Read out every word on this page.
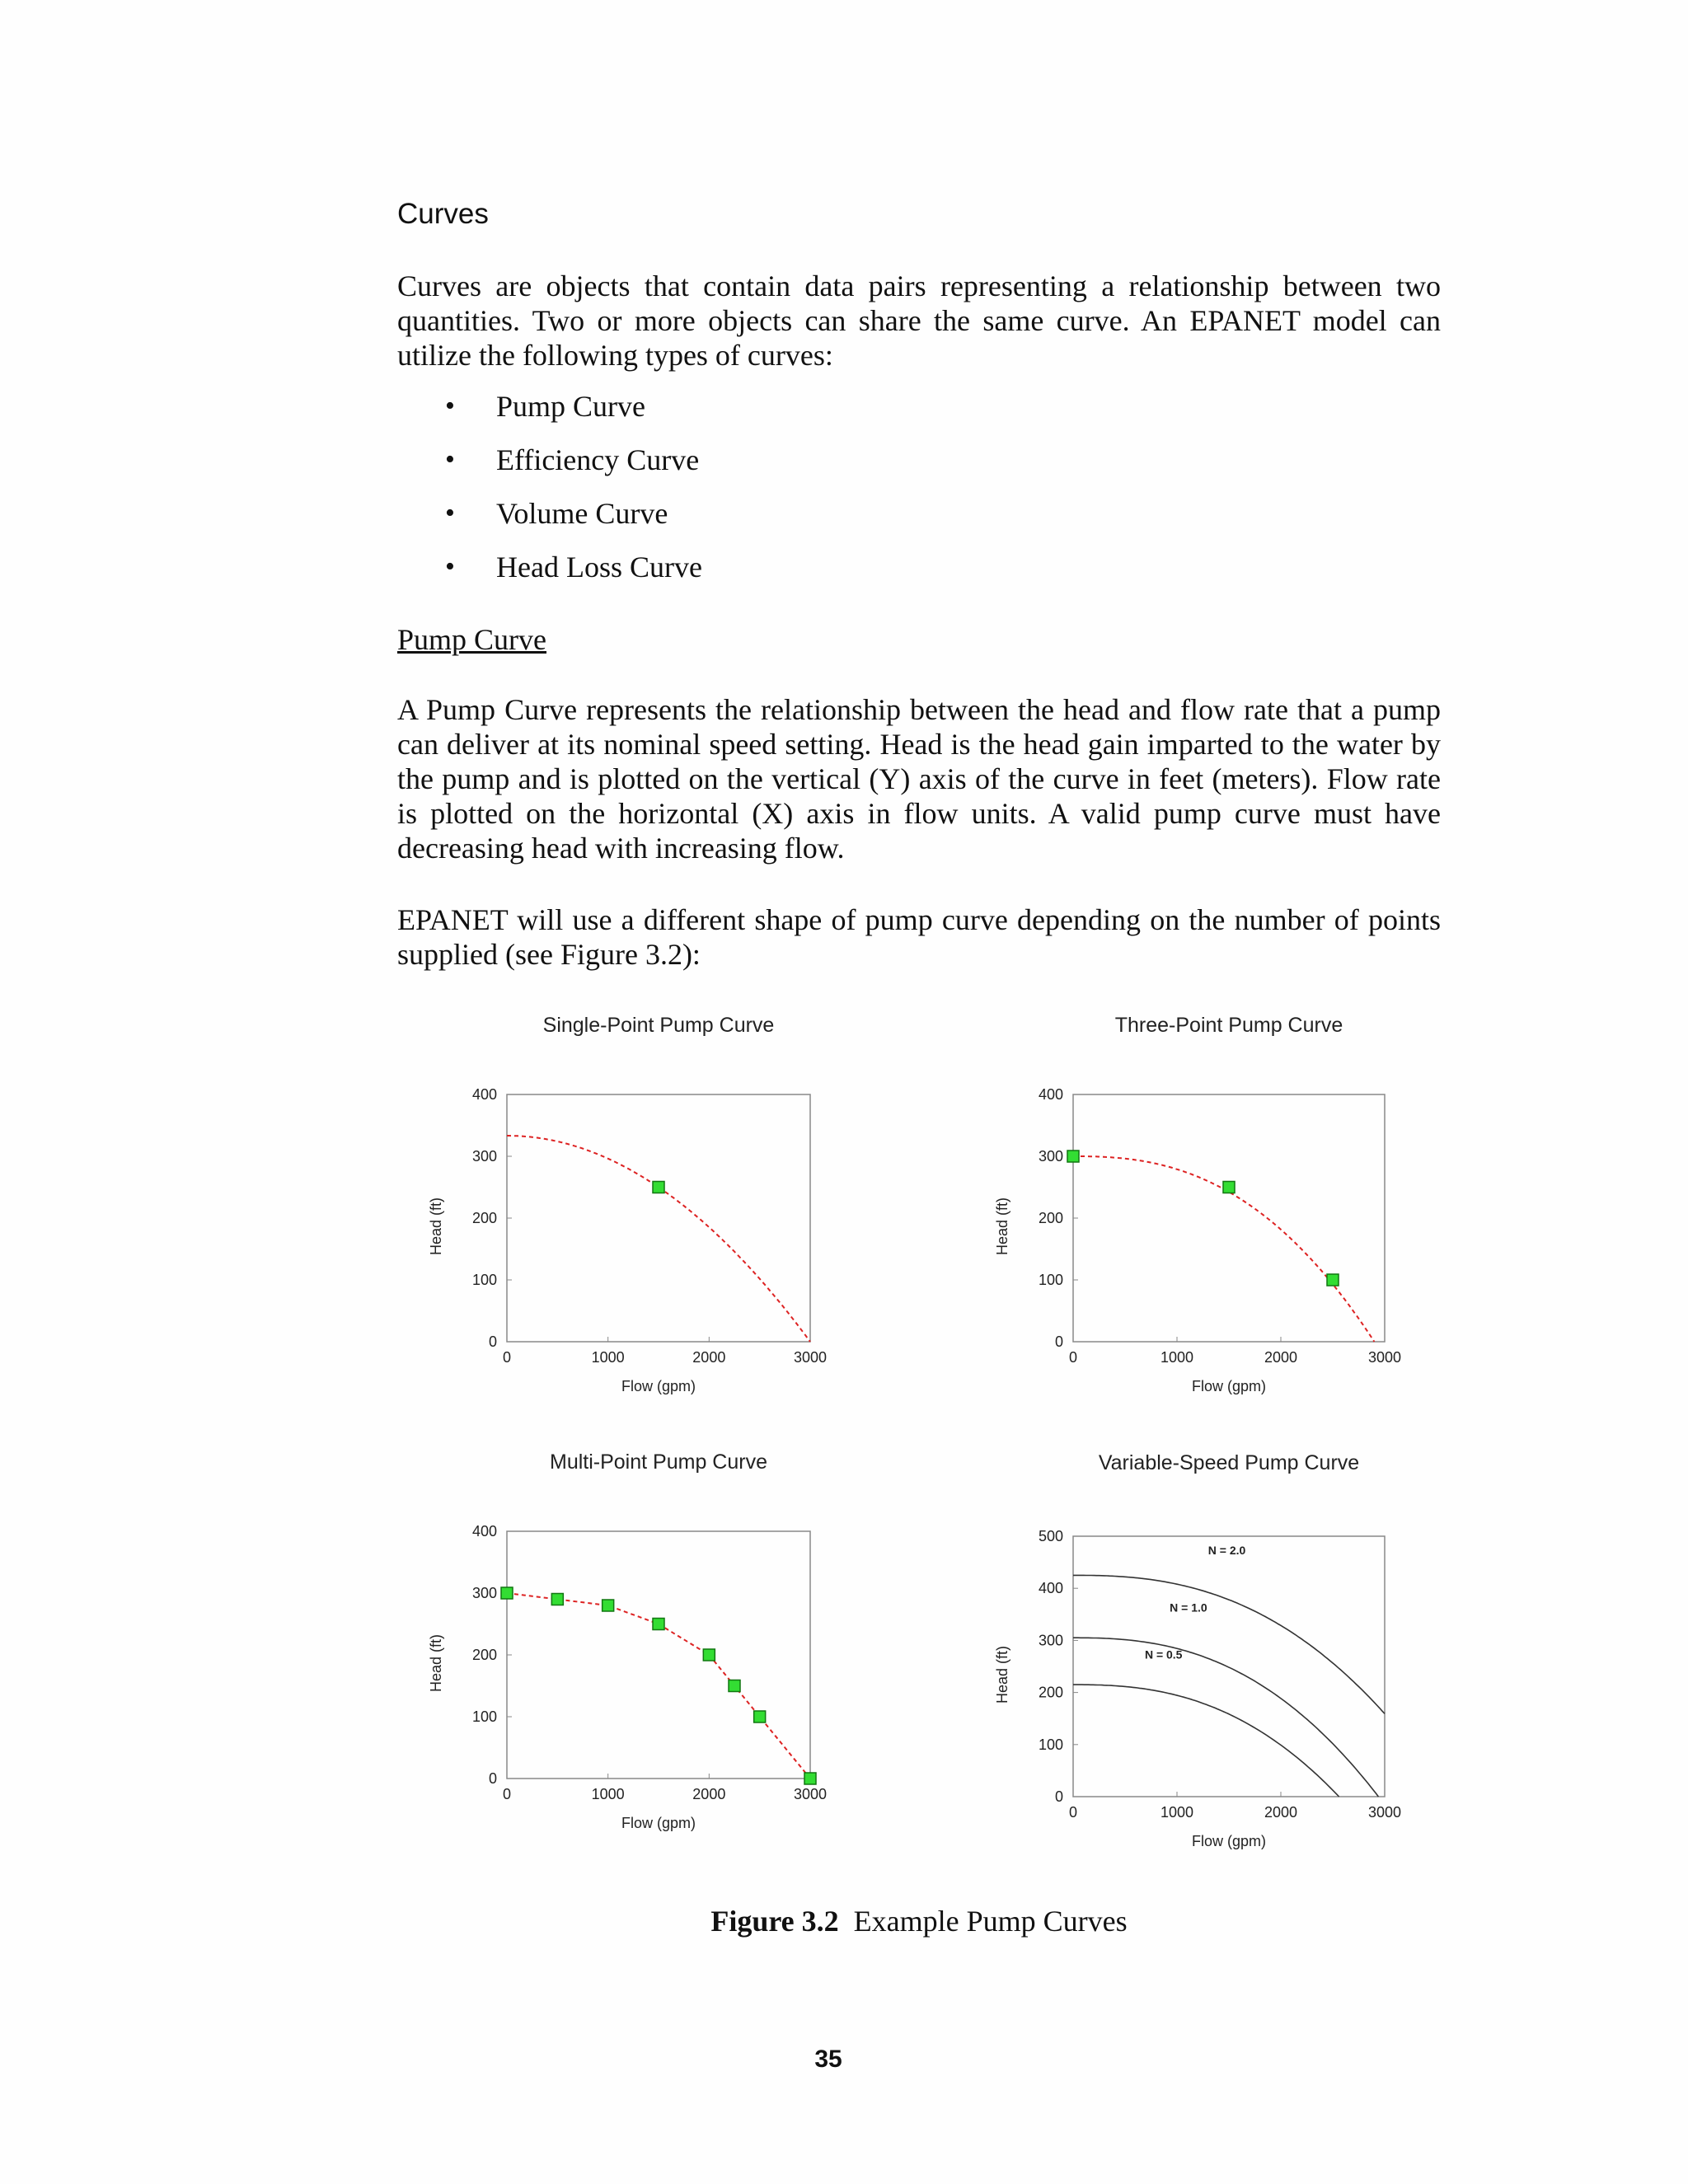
Curves

Curves are objects that contain data pairs representing a relationship between two quantities. Two or more objects can share the same curve. An EPANET model can utilize the following types of curves:

• Pump Curve
• Efficiency Curve
• Volume Curve
• Head Loss Curve
Pump Curve

A Pump Curve represents the relationship between the head and flow rate that a pump can deliver at its nominal speed setting. Head is the head gain imparted to the water by the pump and is plotted on the vertical (Y) axis of the curve in feet (meters). Flow rate is plotted on the horizontal (X) axis in flow units. A valid pump curve must have decreasing head with increasing flow.

EPANET will use a different shape of pump curve depending on the number of points supplied (see Figure 3.2):

Single-Point Pump Curve
0
100
200
300
400
0	1000	2000	3000
Flow (gpm)
Head (ft)
Three-Point Pump Curve
0
100
200
300
400
0	1000	2000	3000
Flow (gpm)
Head (ft)
Multi-Point Pump Curve
0
100
200
300
400
0	1000	2000	3000
Flow (gpm)
Head (ft)
Variable-Speed Pump Curve
0
100
200
300
400
500
0	1000	2000	3000
Flow (gpm)
Head (ft)
N = 2.0
N = 1.0
N = 0.5

Figure 3.2 Example Pump Curves

35
